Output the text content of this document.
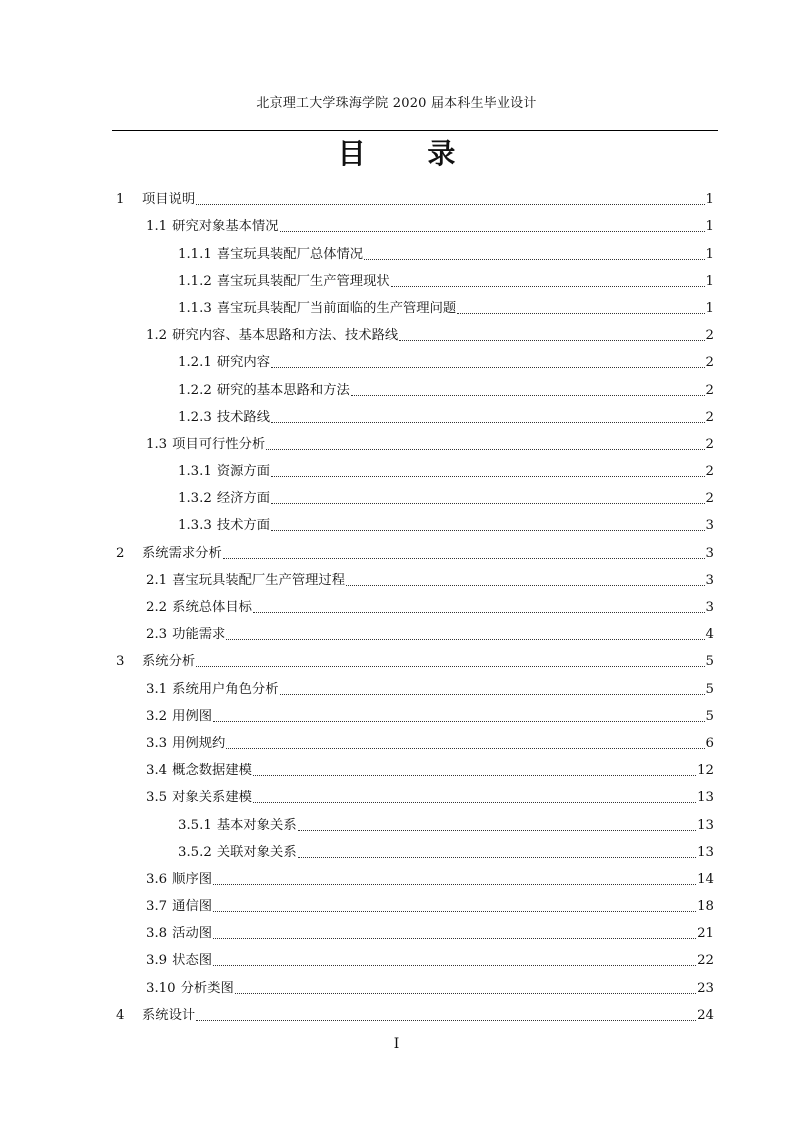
北京理工大学珠海学院 2020 届本科生毕业设计
目 录
1	项目说明	1
1.1 研究对象基本情况	1
1.1.1 喜宝玩具装配厂总体情况	1
1.1.2 喜宝玩具装配厂生产管理现状	1
1.1.3 喜宝玩具装配厂当前面临的生产管理问题	1
1.2 研究内容、基本思路和方法、技术路线	2
1.2.1 研究内容	2
1.2.2 研究的基本思路和方法	2
1.2.3 技术路线	2
1.3 项目可行性分析	2
1.3.1 资源方面	2
1.3.2 经济方面	2
1.3.3 技术方面	3
2	系统需求分析	3
2.1 喜宝玩具装配厂生产管理过程	3
2.2 系统总体目标	3
2.3 功能需求	4
3	系统分析	5
3.1 系统用户角色分析	5
3.2 用例图	5
3.3 用例规约	6
3.4 概念数据建模	12
3.5 对象关系建模	13
3.5.1 基本对象关系	13
3.5.2 关联对象关系	13
3.6 顺序图	14
3.7 通信图	18
3.8 活动图	21
3.9 状态图	22
3.10 分析类图	23
4	系统设计	24
I
